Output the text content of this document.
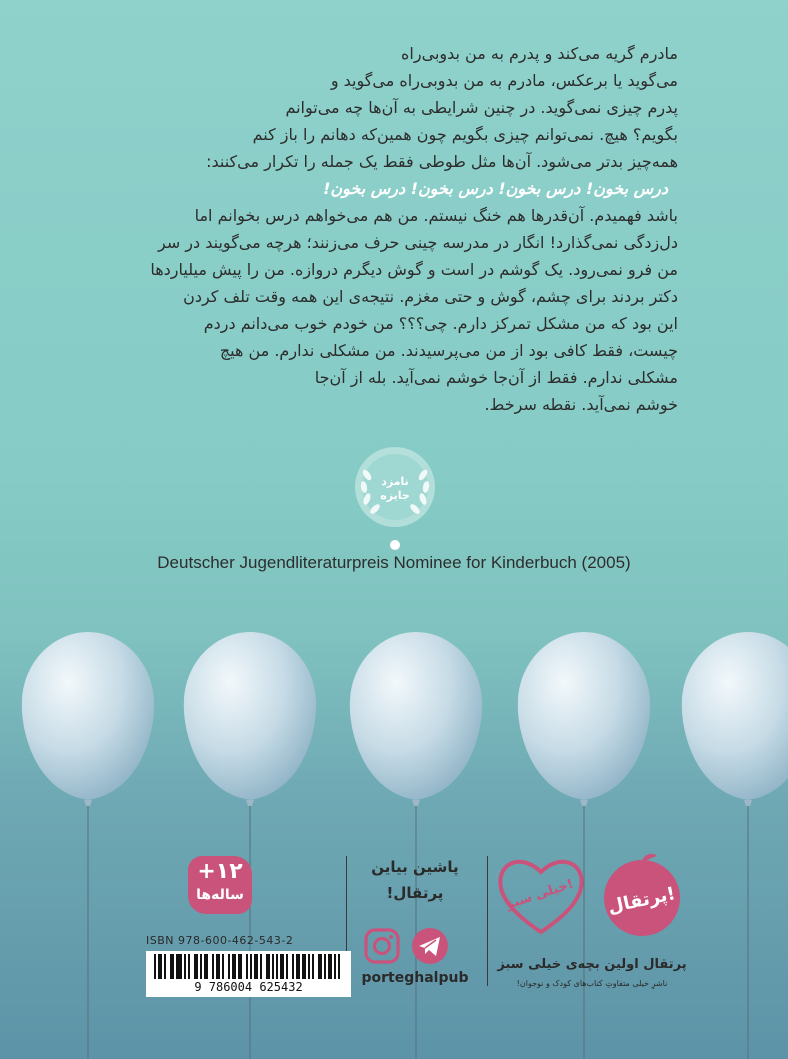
مادرم گریه می‌کند و پدرم به من بدوبی‌راه
می‌گوید یا برعکس، مادرم به من بدوبی‌راه می‌گوید و
پدرم چیزی نمی‌گوید. در چنین شرایطی به آن‌ها چه می‌توانم
بگویم؟ هیچ. نمی‌توانم چیزی بگویم چون همین‌که دهانم را باز کنم
همه‌چیز بدتر می‌شود. آن‌ها مثل طوطی فقط یک جمله را تکرار می‌کنند:
درس بخون! درس بخون! درس بخون! درس بخون!
باشد فهمیدم. آن‌قدرها هم خنگ نیستم. من هم می‌خواهم درس بخوانم اما
دل‌زدگی نمی‌گذارد! انگار در مدرسه چینی حرف می‌زنند؛ هرچه می‌گویند در سر
من فرو نمی‌رود. یک گوشم در است و گوش دیگرم دروازه. من را پیش میلیاردها
دکتر بردند برای چشم، گوش و حتی مغزم. نتیجه‌ی این همه وقت تلف کردن
این بود که من مشکل تمرکز دارم. چی؟؟؟ من خودم خوب می‌دانم دردم
چیست، فقط کافی بود از من می‌پرسیدند. من مشکلی ندارم. من هیچ
مشکلی ندارم. فقط از آن‌جا خوشم نمی‌آید. بله از آن‌جا
خوشم نمی‌آید. نقطه سرخط.
نامزد
جایزه
Deutscher Jugendliteraturpreis Nominee for Kinderbuch (2005)
+۱۲
ساله‌ها
ISBN 978-600-462-543-2
9 786004 625432
پاشین بیاین
پرتقال!
porteghalpub
خیلی سبز!
پرتقال!
پرتقال اولین بچه‌ی خیلی سبز
ناشرِ خیلی متفاوتِ کتاب‌های کودک و نوجوان!
